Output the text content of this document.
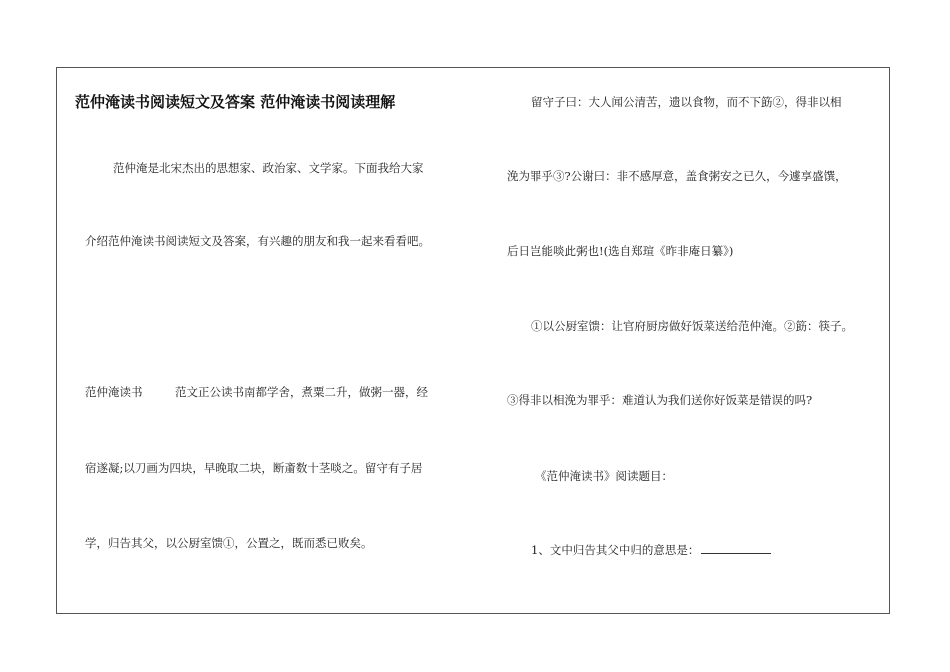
范仲淹读书阅读短文及答案 范仲淹读书阅读理解
范仲淹是北宋杰出的思想家、政治家、文学家。下面我给大家
介绍范仲淹读书阅读短文及答案，有兴趣的朋友和我一起来看看吧。
范仲淹读书	范文正公读书南都学舍，煮粟二升，做粥一器，经
宿遂凝;以刀画为四块，早晚取二块，断齑数十茎啖之。留守有子居
学，归告其父，以公厨室馈①，公置之，既而悉已败矣。
留守子曰：大人闻公清苦，遗以食物，而不下筯②，得非以相
浼为罪乎③?公谢曰：非不感厚意，盖食粥安之已久，今遽享盛馔，
后日岂能啖此粥也!(选自郑瑄《昨非庵日纂》)
①以公厨室馈：让官府厨房做好饭菜送给范仲淹。②筯：筷子。
③得非以相浼为罪乎：难道认为我们送你好饭菜是错误的吗?
《范仲淹读书》阅读题目：
1、文中归告其父中归的意思是：
